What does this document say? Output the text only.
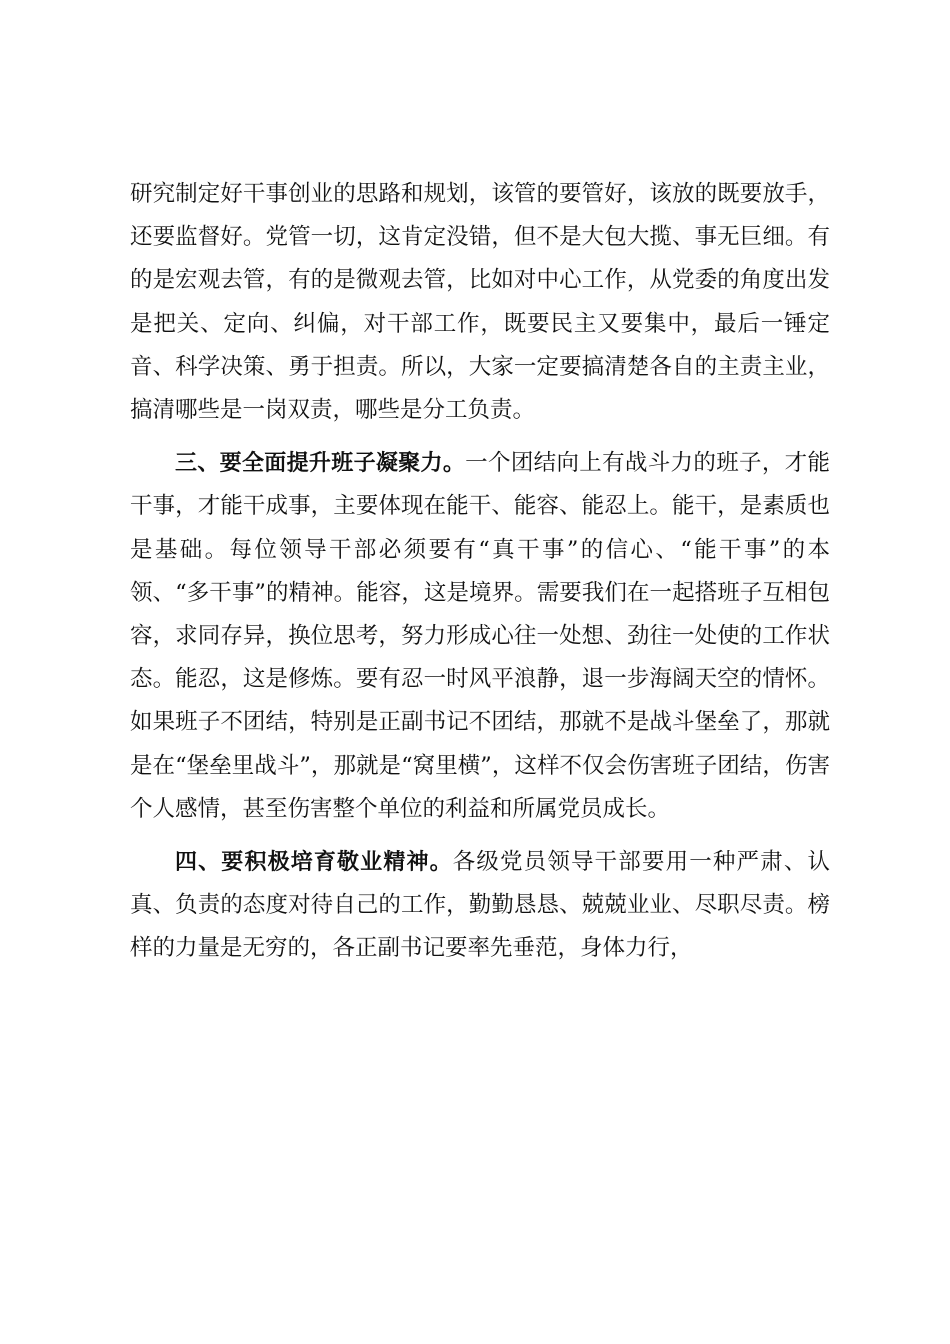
研究制定好干事创业的思路和规划，该管的要管好，该放的既要放手，还要监督好。党管一切，这肯定没错，但不是大包大揽、事无巨细。有的是宏观去管，有的是微观去管，比如对中心工作，从党委的角度出发是把关、定向、纠偏，对干部工作，既要民主又要集中，最后一锤定音、科学决策、勇于担责。所以，大家一定要搞清楚各自的主责主业，搞清哪些是一岗双责，哪些是分工负责。

三、要全面提升班子凝聚力。一个团结向上有战斗力的班子，才能干事，才能干成事，主要体现在能干、能容、能忍上。能干，是素质也是基础。每位领导干部必须要有“真干事”的信心、“能干事”的本领、“多干事”的精神。能容，这是境界。需要我们在一起搭班子互相包容，求同存异，换位思考，努力形成心往一处想、劲往一处使的工作状态。能忍，这是修炼。要有忍一时风平浪静，退一步海阔天空的情怀。如果班子不团结，特别是正副书记不团结，那就不是战斗堡垒了，那就是在“堡垒里战斗”，那就是“窝里横”，这样不仅会伤害班子团结，伤害个人感情，甚至伤害整个单位的利益和所属党员成长。

四、要积极培育敬业精神。各级党员领导干部要用一种严肃、认真、负责的态度对待自己的工作，勤勤恳恳、兢兢业业、尽职尽责。榜样的力量是无穷的，各正副书记要率先垂范，身体力行，
